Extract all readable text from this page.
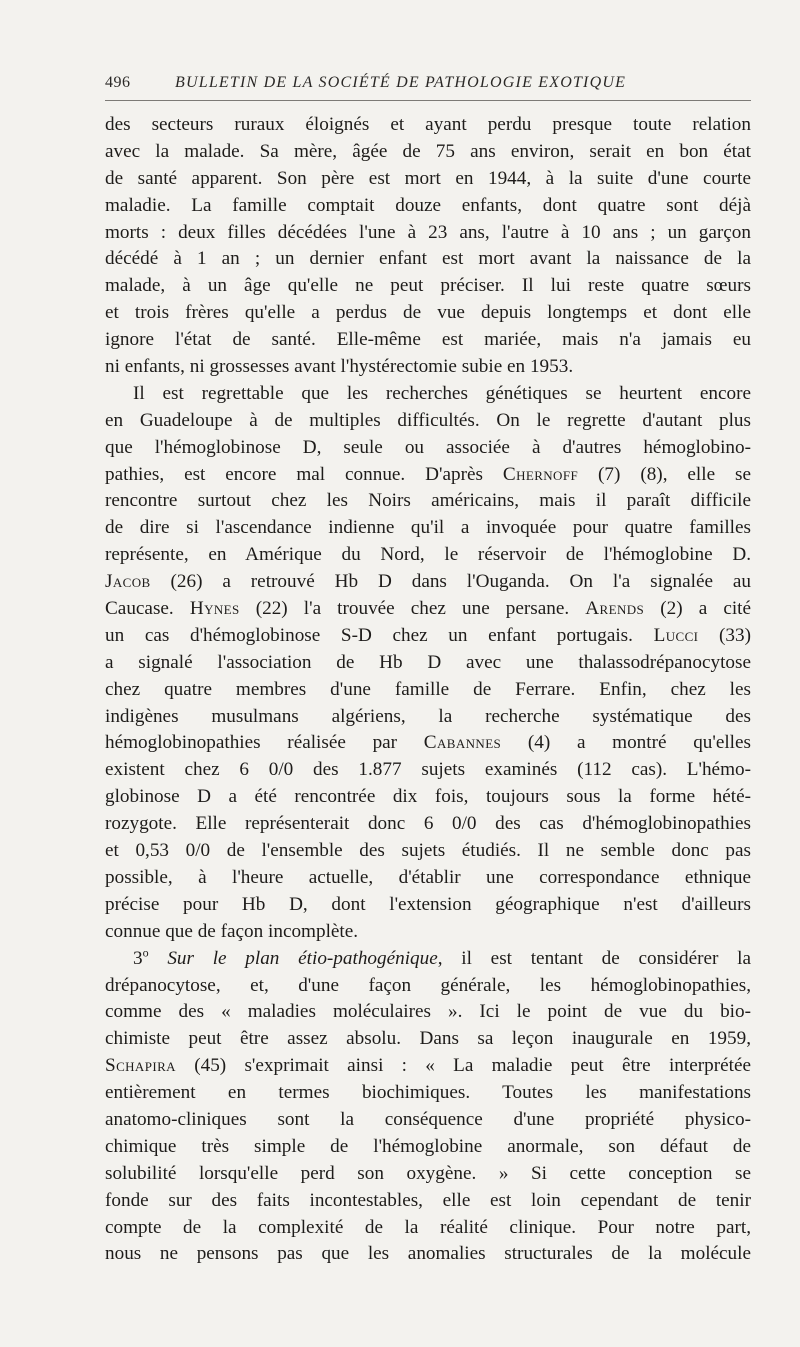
496	BULLETIN DE LA SOCIÉTÉ DE PATHOLOGIE EXOTIQUE
des secteurs ruraux éloignés et ayant perdu presque toute relation
avec la malade. Sa mère, âgée de 75 ans environ, serait en bon état
de santé apparent. Son père est mort en 1944, à la suite d'une courte
maladie. La famille comptait douze enfants, dont quatre sont déjà
morts : deux filles décédées l'une à 23 ans, l'autre à 10 ans ; un garçon
décédé à 1 an ; un dernier enfant est mort avant la naissance de la
malade, à un âge qu'elle ne peut préciser. Il lui reste quatre sœurs
et trois frères qu'elle a perdus de vue depuis longtemps et dont elle
ignore l'état de santé. Elle-même est mariée, mais n'a jamais eu
ni enfants, ni grossesses avant l'hystérectomie subie en 1953.
Il est regrettable que les recherches génétiques se heurtent encore
en Guadeloupe à de multiples difficultés. On le regrette d'autant plus
que l'hémoglobinose D, seule ou associée à d'autres hémoglobino-
pathies, est encore mal connue. D'après Chernoff (7) (8), elle se
rencontre surtout chez les Noirs américains, mais il paraît difficile
de dire si l'ascendance indienne qu'il a invoquée pour quatre familles
représente, en Amérique du Nord, le réservoir de l'hémoglobine D.
Jacob (26) a retrouvé Hb D dans l'Ouganda. On l'a signalée au
Caucase. Hynes (22) l'a trouvée chez une persane. Arends (2) a cité
un cas d'hémoglobinose S-D chez un enfant portugais. Lucci (33)
a signalé l'association de Hb D avec une thalassodrépanocytose
chez quatre membres d'une famille de Ferrare. Enfin, chez les
indigènes musulmans algériens, la recherche systématique des
hémoglobinopathies réalisée par Cabannes (4) a montré qu'elles
existent chez 6 0/0 des 1.877 sujets examinés (112 cas). L'hémo-
globinose D a été rencontrée dix fois, toujours sous la forme hété-
rozygote. Elle représenterait donc 6 0/0 des cas d'hémoglobinopathies
et 0,53 0/0 de l'ensemble des sujets étudiés. Il ne semble donc pas
possible, à l'heure actuelle, d'établir une correspondance ethnique
précise pour Hb D, dont l'extension géographique n'est d'ailleurs
connue que de façon incomplète.
3$^o$ Sur le plan étio-pathogénique, il est tentant de considérer la
drépanocytose, et, d'une façon générale, les hémoglobinopathies,
comme des « maladies moléculaires ». Ici le point de vue du bio-
chimiste peut être assez absolu. Dans sa leçon inaugurale en 1959,
Schapira (45) s'exprimait ainsi : « La maladie peut être interprétée
entièrement en termes biochimiques. Toutes les manifestations
anatomo-cliniques sont la conséquence d'une propriété physico-
chimique très simple de l'hémoglobine anormale, son défaut de
solubilité lorsqu'elle perd son oxygène. » Si cette conception se
fonde sur des faits incontestables, elle est loin cependant de tenir
compte de la complexité de la réalité clinique. Pour notre part,
nous ne pensons pas que les anomalies structurales de la molécule
